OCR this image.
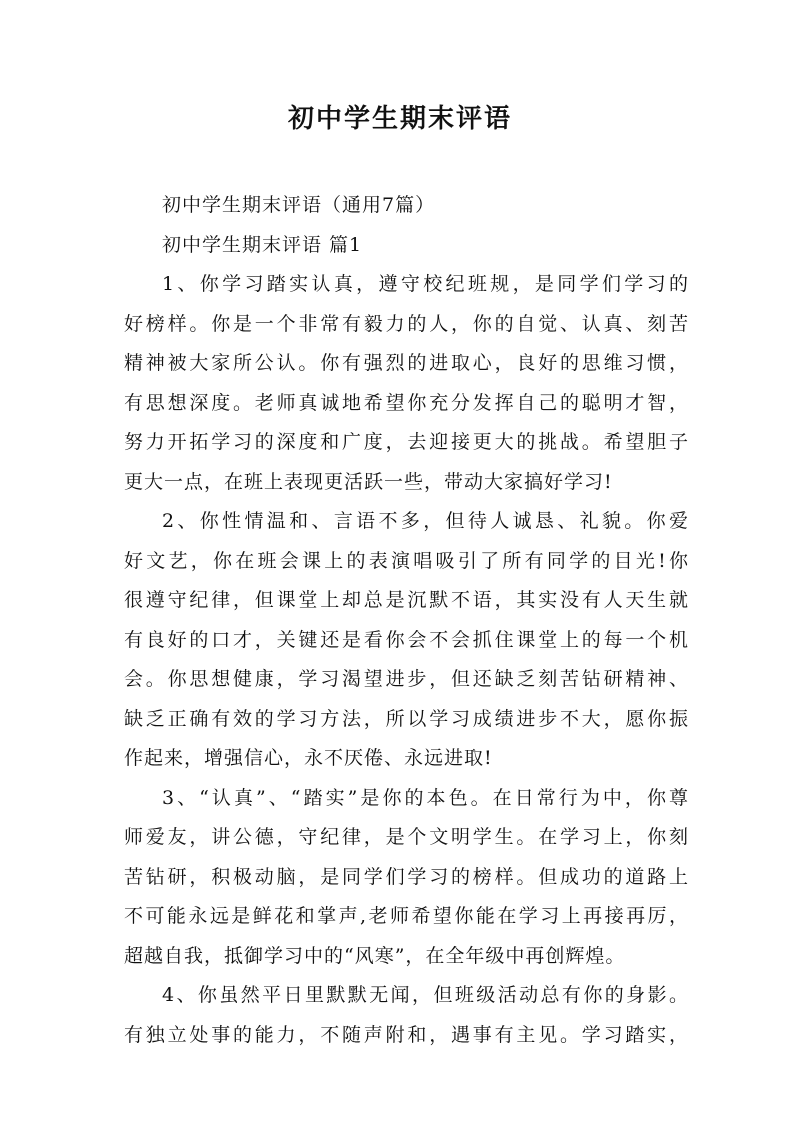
初中学生期末评语
初中学生期末评语（通用7篇）
初中学生期末评语 篇1
1、你学习踏实认真，遵守校纪班规，是同学们学习的
好榜样。你是一个非常有毅力的人，你的自觉、认真、刻苦
精神被大家所公认。你有强烈的进取心，良好的思维习惯，
有思想深度。老师真诚地希望你充分发挥自己的聪明才智，
努力开拓学习的深度和广度，去迎接更大的挑战。希望胆子
更大一点，在班上表现更活跃一些，带动大家搞好学习!
2、你性情温和、言语不多，但待人诚恳、礼貌。你爱
好文艺，你在班会课上的表演唱吸引了所有同学的目光!你
很遵守纪律，但课堂上却总是沉默不语，其实没有人天生就
有良好的口才，关键还是看你会不会抓住课堂上的每一个机
会。你思想健康，学习渴望进步，但还缺乏刻苦钻研精神、
缺乏正确有效的学习方法，所以学习成绩进步不大，愿你振
作起来，增强信心，永不厌倦、永远进取!
3、“认真”、“踏实”是你的本色。在日常行为中，你尊
师爱友，讲公德，守纪律，是个文明学生。在学习上，你刻
苦钻研，积极动脑，是同学们学习的榜样。但成功的道路上
不可能永远是鲜花和掌声,老师希望你能在学习上再接再厉，
超越自我，抵御学习中的“风寒”，在全年级中再创辉煌。
4、你虽然平日里默默无闻，但班级活动总有你的身影。
有独立处事的能力，不随声附和，遇事有主见。学习踏实，
